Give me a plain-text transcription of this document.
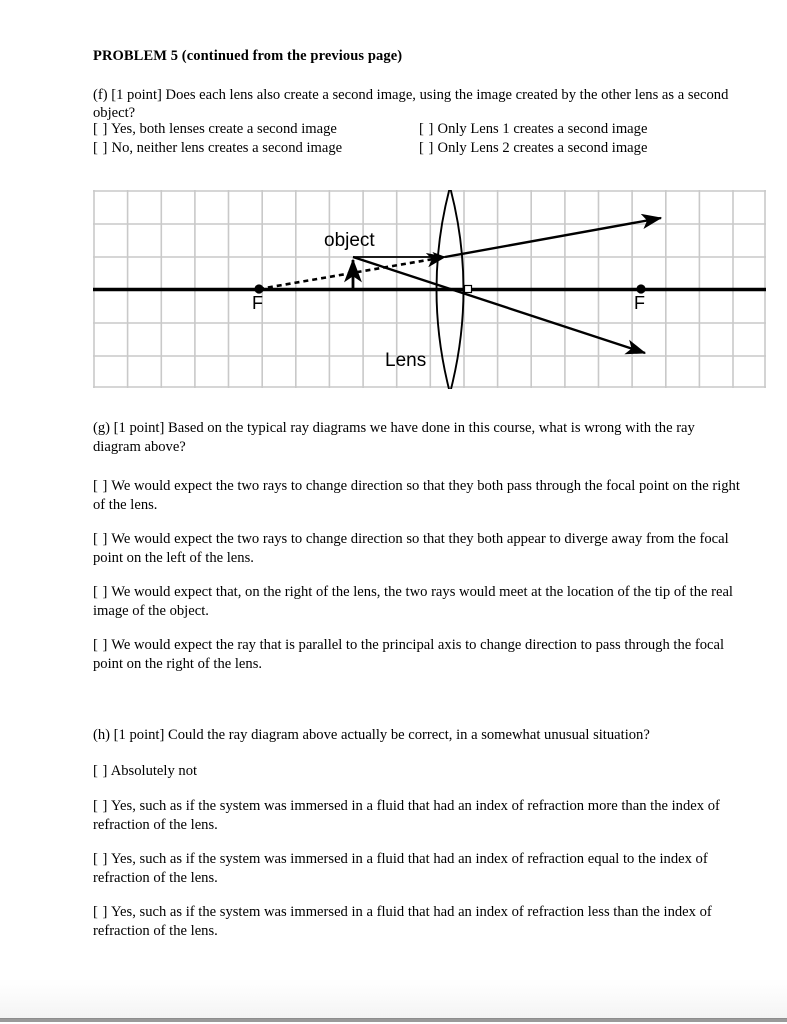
PROBLEM 5 (continued from the previous page)
(f) [1 point] Does each lens also create a second image, using the image created by the other lens as a second object?
[ ] Yes, both lenses create a second image	[ ] Only Lens 1 creates a second image
[ ] No, neither lens creates a second image	[ ] Only Lens 2 creates a second image
(g) [1 point] Based on the typical ray diagrams we have done in this course, what is wrong with the ray diagram above?
[ ] We would expect the two rays to change direction so that they both pass through the focal point on the right of the lens.
[ ] We would expect the two rays to change direction so that they both appear to diverge away from the focal point on the left of the lens.
[ ] We would expect that, on the right of the lens, the two rays would meet at the location of the tip of the real image of the object.
[ ] We would expect the ray that is parallel to the principal axis to change direction to pass through the focal point on the right of the lens.
(h) [1 point] Could the ray diagram above actually be correct, in a somewhat unusual situation?
[ ] Absolutely not
[ ] Yes, such as if the system was immersed in a fluid that had an index of refraction more than the index of refraction of the lens.
[ ] Yes, such as if the system was immersed in a fluid that had an index of refraction equal to the index of refraction of the lens.
[ ] Yes, such as if the system was immersed in a fluid that had an index of refraction less than the index of refraction of the lens.
object
Lens
F	F
